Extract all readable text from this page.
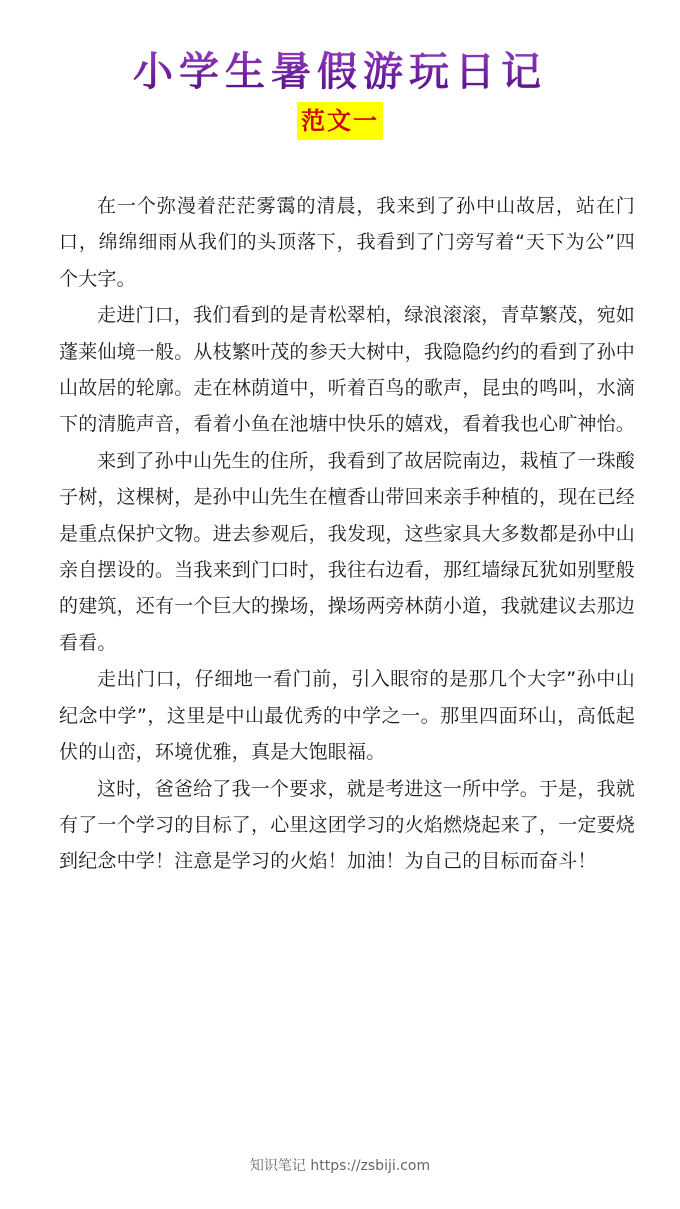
小学生暑假游玩日记
范文一

在一个弥漫着茫茫雾霭的清晨，我来到了孙中山故居，站在门口，绵绵细雨从我们的头顶落下，我看到了门旁写着“天下为公”四个大字。

走进门口，我们看到的是青松翠柏，绿浪滚滚，青草繁茂，宛如蓬莱仙境一般。从枝繁叶茂的参天大树中，我隐隐约约的看到了孙中山故居的轮廓。走在林荫道中，听着百鸟的歌声，昆虫的鸣叫，水滴下的清脆声音，看着小鱼在池塘中快乐的嬉戏，看着我也心旷神怡。

来到了孙中山先生的住所，我看到了故居院南边，栽植了一珠酸子树，这棵树，是孙中山先生在檀香山带回来亲手种植的，现在已经是重点保护文物。进去参观后，我发现，这些家具大多数都是孙中山亲自摆设的。当我来到门口时，我往右边看，那红墙绿瓦犹如别墅般的建筑，还有一个巨大的操场，操场两旁林荫小道，我就建议去那边看看。

走出门口，仔细地一看门前，引入眼帘的是那几个大字”孙中山纪念中学”，这里是中山最优秀的中学之一。那里四面环山，高低起伏的山峦，环境优雅，真是大饱眼福。

这时，爸爸给了我一个要求，就是考进这一所中学。于是，我就有了一个学习的目标了，心里这团学习的火焰燃烧起来了，一定要烧到纪念中学！注意是学习的火焰！加油！为自己的目标而奋斗！

知识笔记 https://zsbiji.com
